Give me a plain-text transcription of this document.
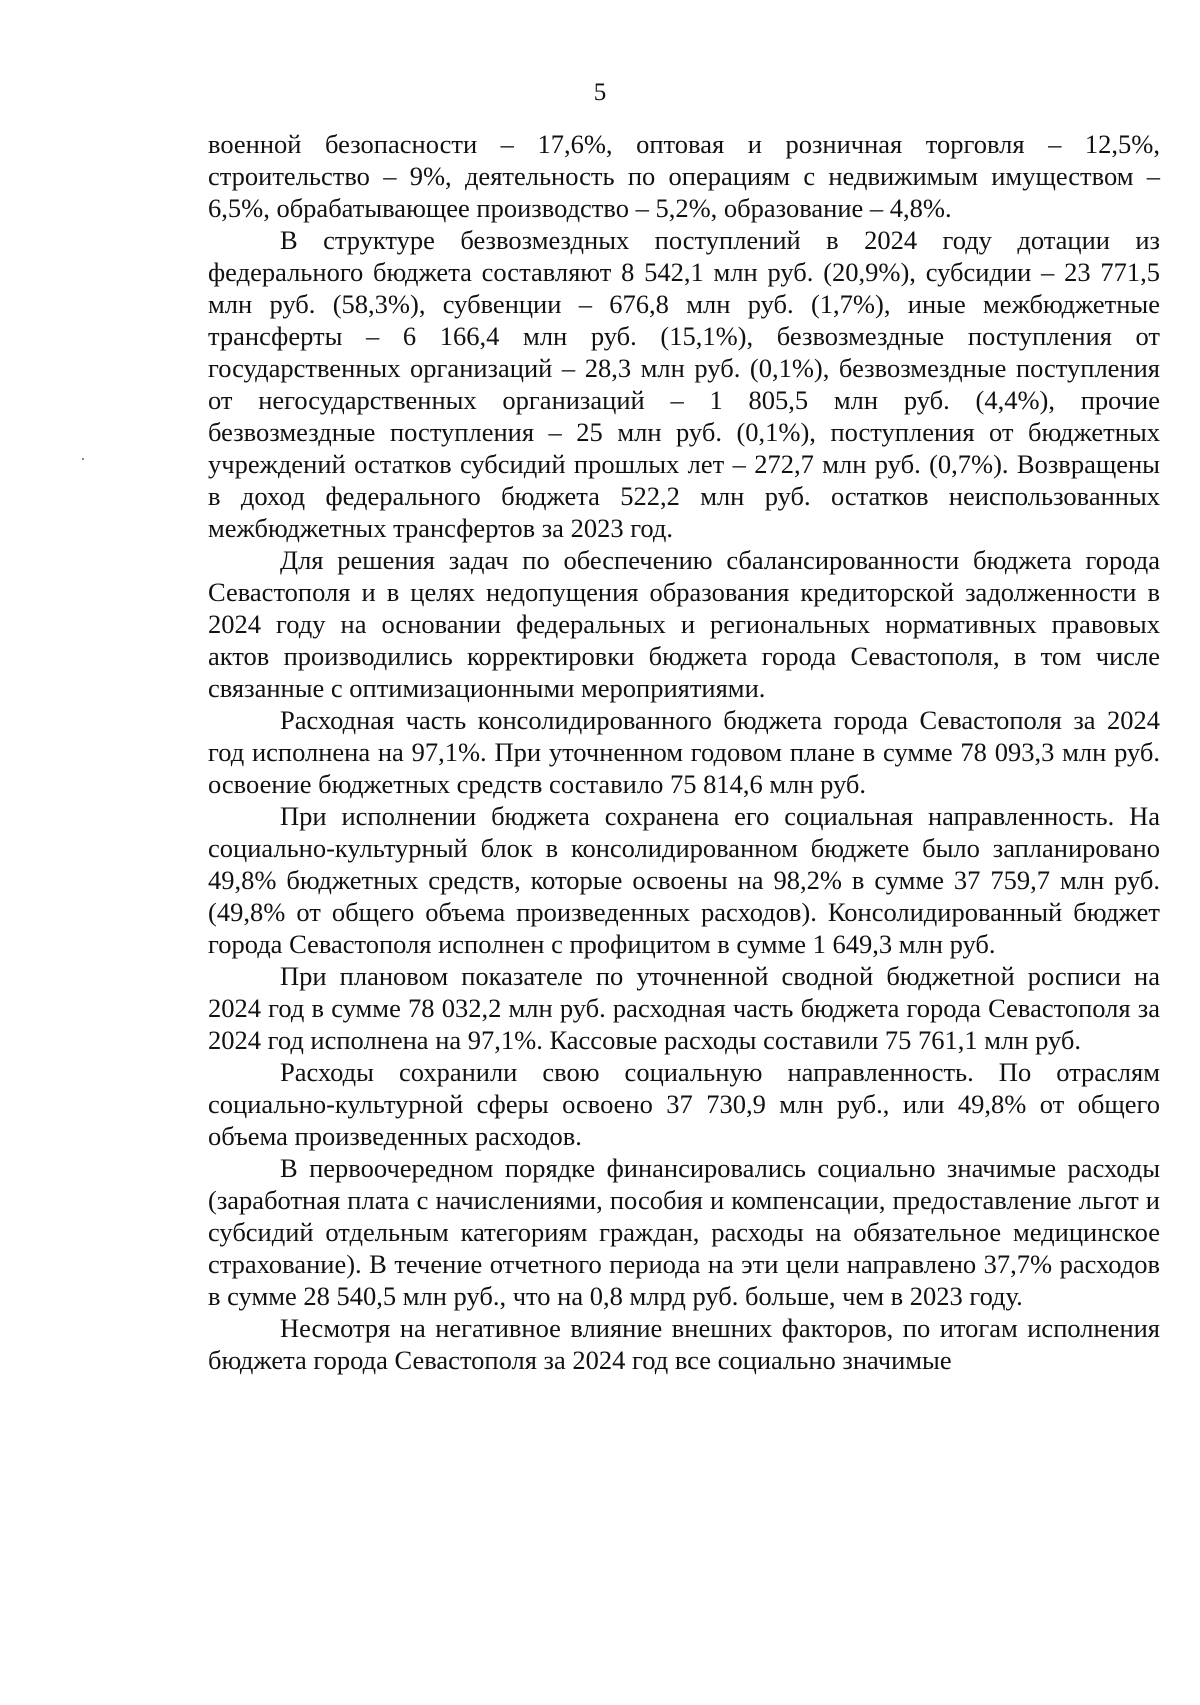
5

военной безопасности – 17,6%, оптовая и розничная торговля – 12,5%, строительство – 9%, деятельность по операциям с недвижимым имуществом – 6,5%, обрабатывающее производство – 5,2%, образование – 4,8%.

В структуре безвозмездных поступлений в 2024 году дотации из федерального бюджета составляют 8 542,1 млн руб. (20,9%), субсидии – 23 771,5 млн руб. (58,3%), субвенции – 676,8 млн руб. (1,7%), иные межбюджетные трансферты – 6 166,4 млн руб. (15,1%), безвозмездные поступления от государственных организаций – 28,3 млн руб. (0,1%), безвозмездные поступления от негосударственных организаций – 1 805,5 млн руб. (4,4%), прочие безвозмездные поступления – 25 млн руб. (0,1%), поступления от бюджетных учреждений остатков субсидий прошлых лет – 272,7 млн руб. (0,7%). Возвращены в доход федерального бюджета 522,2 млн руб. остатков неиспользованных межбюджетных трансфертов за 2023 год.

Для решения задач по обеспечению сбалансированности бюджета города Севастополя и в целях недопущения образования кредиторской задолженности в 2024 году на основании федеральных и региональных нормативных правовых актов производились корректировки бюджета города Севастополя, в том числе связанные с оптимизационными мероприятиями.

Расходная часть консолидированного бюджета города Севастополя за 2024 год исполнена на 97,1%. При уточненном годовом плане в сумме 78 093,3 млн руб. освоение бюджетных средств составило 75 814,6 млн руб.

При исполнении бюджета сохранена его социальная направленность. На социально-культурный блок в консолидированном бюджете было запланировано 49,8% бюджетных средств, которые освоены на 98,2% в сумме 37 759,7 млн руб. (49,8% от общего объема произведенных расходов). Консолидированный бюджет города Севастополя исполнен с профицитом в сумме 1 649,3 млн руб.

При плановом показателе по уточненной сводной бюджетной росписи на 2024 год в сумме 78 032,2 млн руб. расходная часть бюджета города Севастополя за 2024 год исполнена на 97,1%. Кассовые расходы составили 75 761,1 млн руб.

Расходы сохранили свою социальную направленность. По отраслям социально-культурной сферы освоено 37 730,9 млн руб., или 49,8% от общего объема произведенных расходов.

В первоочередном порядке финансировались социально значимые расходы (заработная плата с начислениями, пособия и компенсации, предоставление льгот и субсидий отдельным категориям граждан, расходы на обязательное медицинское страхование). В течение отчетного периода на эти цели направлено 37,7% расходов в сумме 28 540,5 млн руб., что на 0,8 млрд руб. больше, чем в 2023 году.

Несмотря на негативное влияние внешних факторов, по итогам исполнения бюджета города Севастополя за 2024 год все социально значимые
